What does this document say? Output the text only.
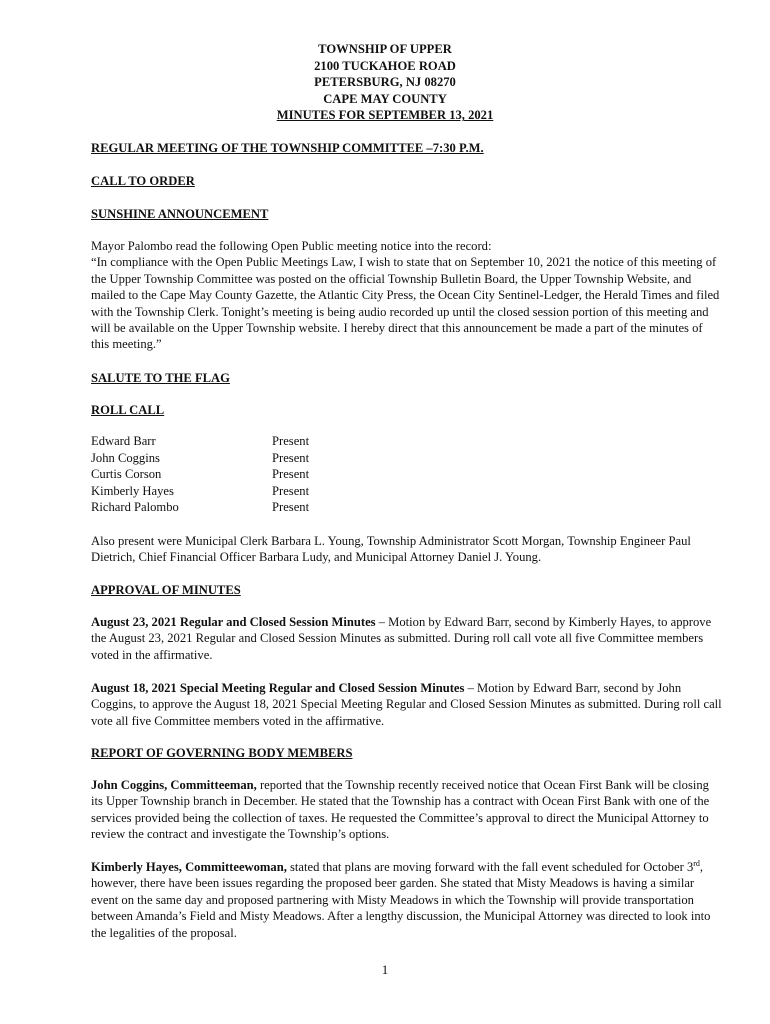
TOWNSHIP OF UPPER
2100 TUCKAHOE ROAD
PETERSBURG, NJ 08270
CAPE MAY COUNTY
MINUTES FOR SEPTEMBER 13, 2021
REGULAR MEETING OF THE TOWNSHIP COMMITTEE –7:30 P.M.
CALL TO ORDER
SUNSHINE ANNOUNCEMENT
Mayor Palombo read the following Open Public meeting notice into the record:
“In compliance with the Open Public Meetings Law, I wish to state that on September 10, 2021 the notice of this meeting of the Upper Township Committee was posted on the official Township Bulletin Board, the Upper Township Website, and mailed to the Cape May County Gazette, the Atlantic City Press, the Ocean City Sentinel-Ledger, the Herald Times and filed with the Township Clerk. Tonight’s meeting is being audio recorded up until the closed session portion of this meeting and will be available on the Upper Township website. I hereby direct that this announcement be made a part of the minutes of this meeting.”
SALUTE TO THE FLAG
ROLL CALL
Edward Barr	Present
John Coggins	Present
Curtis Corson	Present
Kimberly Hayes	Present
Richard Palombo	Present
Also present were Municipal Clerk Barbara L. Young, Township Administrator Scott Morgan, Township Engineer Paul Dietrich, Chief Financial Officer Barbara Ludy, and Municipal Attorney Daniel J. Young.
APPROVAL OF MINUTES
August 23, 2021 Regular and Closed Session Minutes – Motion by Edward Barr, second by Kimberly Hayes, to approve the August 23, 2021 Regular and Closed Session Minutes as submitted. During roll call vote all five Committee members voted in the affirmative.
August 18, 2021 Special Meeting Regular and Closed Session Minutes – Motion by Edward Barr, second by John Coggins, to approve the August 18, 2021 Special Meeting Regular and Closed Session Minutes as submitted. During roll call vote all five Committee members voted in the affirmative.
REPORT OF GOVERNING BODY MEMBERS
John Coggins, Committeeman, reported that the Township recently received notice that Ocean First Bank will be closing its Upper Township branch in December. He stated that the Township has a contract with Ocean First Bank with one of the services provided being the collection of taxes. He requested the Committee’s approval to direct the Municipal Attorney to review the contract and investigate the Township’s options.
Kimberly Hayes, Committeewoman, stated that plans are moving forward with the fall event scheduled for October 3rd, however, there have been issues regarding the proposed beer garden. She stated that Misty Meadows is having a similar event on the same day and proposed partnering with Misty Meadows in which the Township will provide transportation between Amanda’s Field and Misty Meadows. After a lengthy discussion, the Municipal Attorney was directed to look into the legalities of the proposal.
1
